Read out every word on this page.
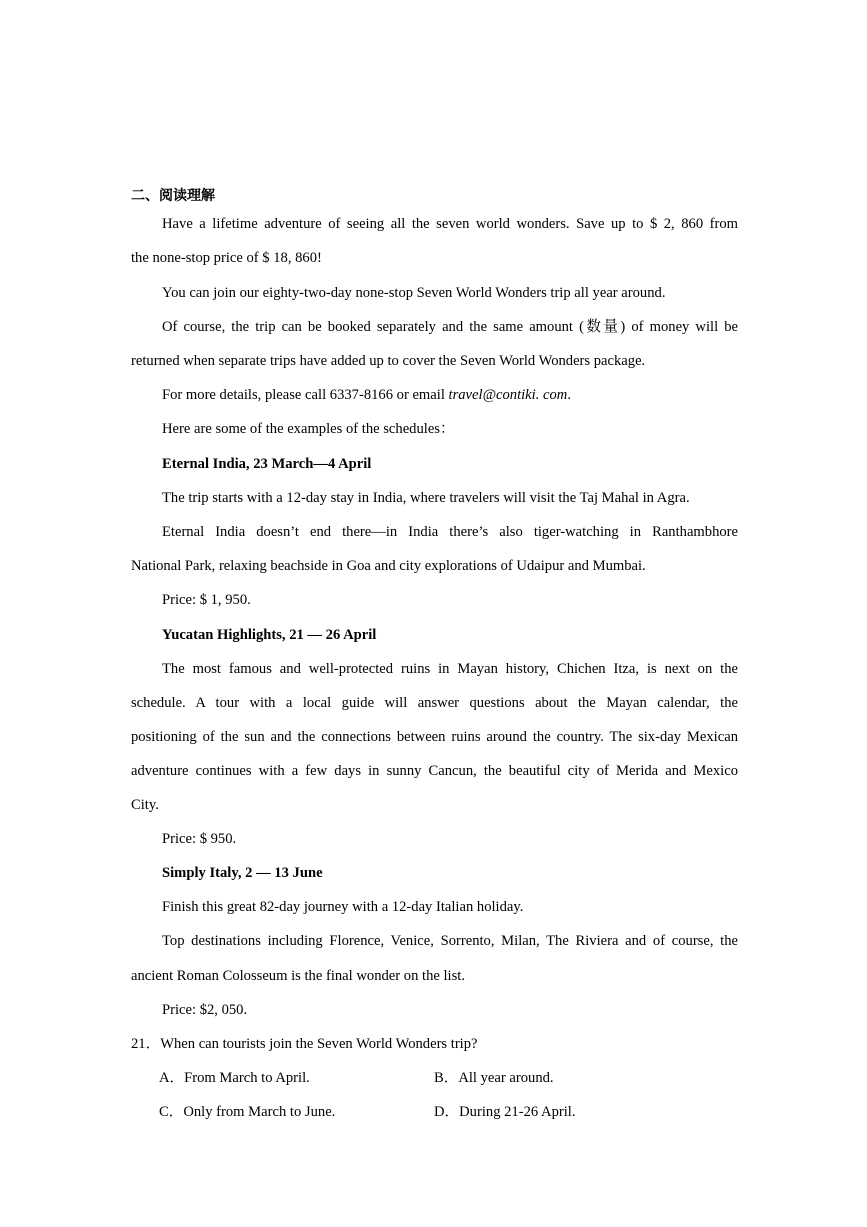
二、阅读理解
Have a lifetime adventure of seeing all the seven world wonders. Save up to $ 2, 860 from
the none-stop price of $ 18, 860!
You can join our eighty-two-day none-stop Seven World Wonders trip all year around.
Of course, the trip can be booked separately and the same amount (数量) of money will be
returned when separate trips have added up to cover the Seven World Wonders package.
For more details, please call 6337-8166 or email travel@contiki. com.
Here are some of the examples of the schedules：
Eternal India, 23 March—4 April
The trip starts with a 12-day stay in India, where travelers will visit the Taj Mahal in Agra.
Eternal India doesn’t end there—in India there’s also tiger-watching in Ranthambhore
National Park, relaxing beachside in Goa and city explorations of Udaipur and Mumbai.
Price: $ 1, 950.
Yucatan Highlights, 21 — 26 April
The most famous and well-protected ruins in Mayan history, Chichen Itza, is next on the
schedule. A tour with a local guide will answer questions about the Mayan calendar, the
positioning of the sun and the connections between ruins around the country. The six-day Mexican
adventure continues with a few days in sunny Cancun, the beautiful city of Merida and Mexico
City.
Price: $ 950.
Simply Italy, 2 — 13 June
Finish this great 82-day journey with a 12-day Italian holiday.
Top destinations including Florence, Venice, Sorrento, Milan, The Riviera and of course, the
ancient Roman Colosseum is the final wonder on the list.
Price: $2, 050.
21．When can tourists join the Seven World Wonders trip?
A．From March to April.	B．All year around.
C．Only from March to June.	D．During 21-26 April.
